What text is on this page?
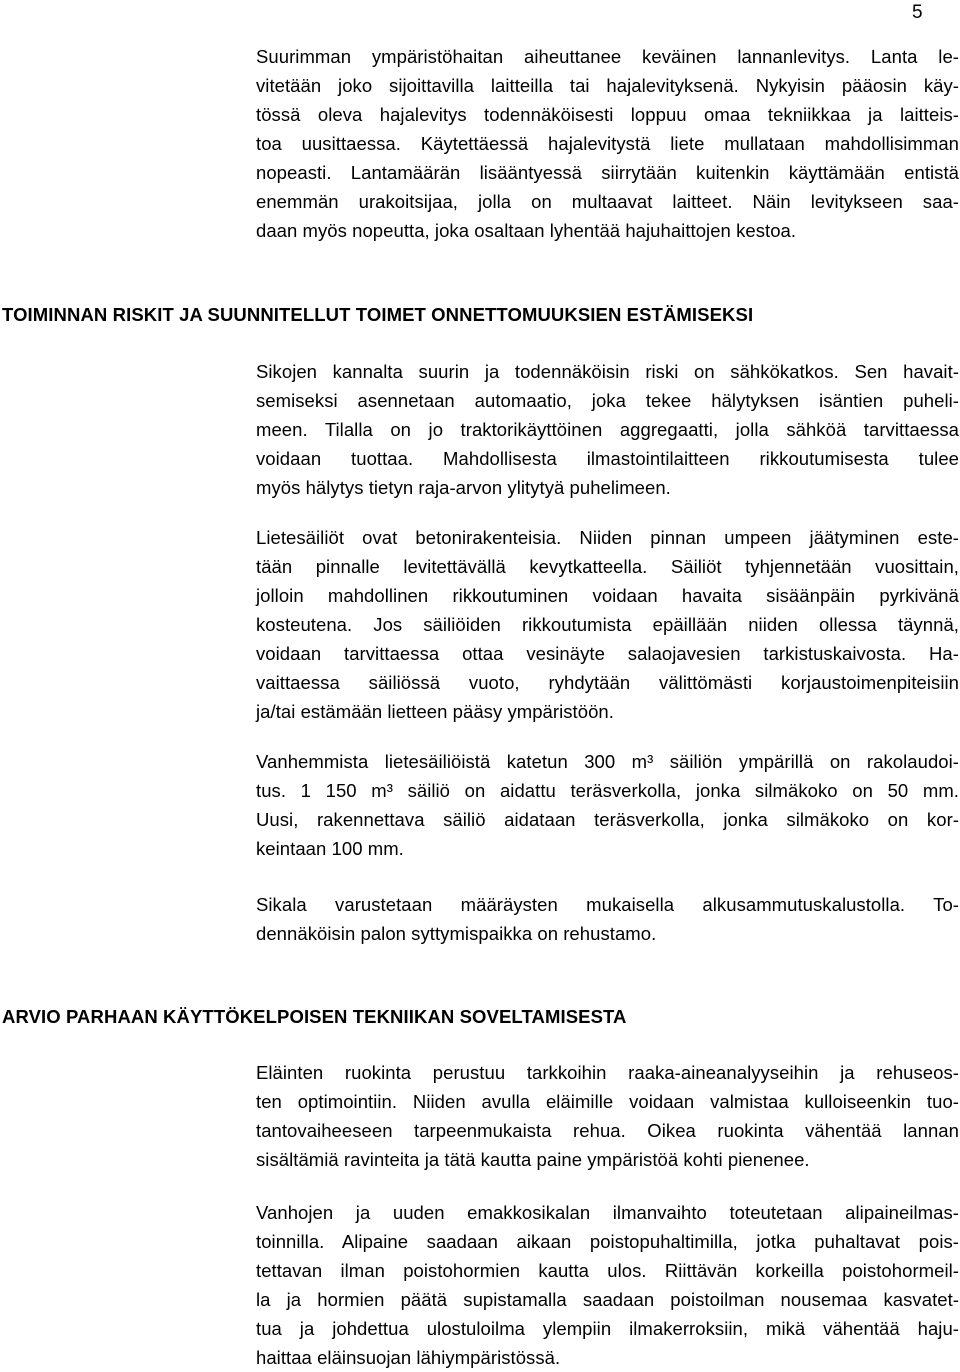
5
Suurimman ympäristöhaitan aiheuttanee keväinen lannanlevitys. Lanta le-
vitetään joko sijoittavilla laitteilla tai hajalevityksenä. Nykyisin pääosin käy-
tössä oleva hajalevitys todennäköisesti loppuu omaa tekniikkaa ja laitteis-
toa uusittaessa. Käytettäessä hajalevitystä liete mullataan mahdollisimman
nopeasti. Lantamäärän lisääntyessä siirrytään kuitenkin käyttämään entistä
enemmän urakoitsijaa, jolla on multaavat laitteet. Näin levitykseen saa-
daan myös nopeutta, joka osaltaan lyhentää hajuhaittojen kestoa.
TOIMINNAN RISKIT JA SUUNNITELLUT TOIMET ONNETTOMUUKSIEN ESTÄMISEKSI
Sikojen kannalta suurin ja todennäköisin riski on sähkökatkos. Sen havait-
semiseksi asennetaan automaatio, joka tekee hälytyksen isäntien puheli-
meen. Tilalla on jo traktorikäyttöinen aggregaatti, jolla sähköä tarvittaessa
voidaan tuottaa. Mahdollisesta ilmastointilaitteen rikkoutumisesta tulee
myös hälytys tietyn raja-arvon ylitytyä puhelimeen.
Lietesäiliöt ovat betonirakenteisia. Niiden pinnan umpeen jäätyminen este-
tään pinnalle levitettävällä kevytkatteella. Säiliöt tyhjennetään vuosittain,
jolloin mahdollinen rikkoutuminen voidaan havaita sisäänpäin pyrkivänä
kosteutena. Jos säiliöiden rikkoutumista epäillään niiden ollessa täynnä,
voidaan tarvittaessa ottaa vesinäyte salaojavesien tarkistuskaivosta. Ha-
vaittaessa säiliössä vuoto, ryhdytään välittömästi korjaustoimenpiteisiin
ja/tai estämään lietteen pääsy ympäristöön.
Vanhemmista lietesäiliöistä katetun 300 m³ säiliön ympärillä on rakolaudoi-
tus. 1 150 m³ säiliö on aidattu teräsverkolla, jonka silmäkoko on 50 mm.
Uusi, rakennettava säiliö aidataan teräsverkolla, jonka silmäkoko on kor-
keintaan 100 mm.
Sikala varustetaan määräysten mukaisella alkusammutuskalustolla. To-
dennäköisin palon syttymispaikka on rehustamo.
ARVIO PARHAAN KÄYTTÖKELPOISEN TEKNIIKAN SOVELTAMISESTA
Eläinten ruokinta perustuu tarkkoihin raaka-aineanalyyseihin ja rehuseos-
ten optimointiin. Niiden avulla eläimille voidaan valmistaa kulloiseenkin tuo-
tantovaiheeseen tarpeenmukaista rehua. Oikea ruokinta vähentää lannan
sisältämiä ravinteita ja tätä kautta paine ympäristöä kohti pienenee.
Vanhojen ja uuden emakkosikalan ilmanvaihto toteutetaan alipaineilmas-
toinnilla. Alipaine saadaan aikaan poistopuhaltimilla, jotka puhaltavat pois-
tettavan ilman poistohormien kautta ulos. Riittävän korkeilla poistohormeil-
la ja hormien päätä supistamalla saadaan poistoilman nousemaa kasvatet-
tua ja johdettua ulostuloilma ylempiin ilmakerroksiin, mikä vähentää haju-
haittaa eläinsuojan lähiympäristössä.
